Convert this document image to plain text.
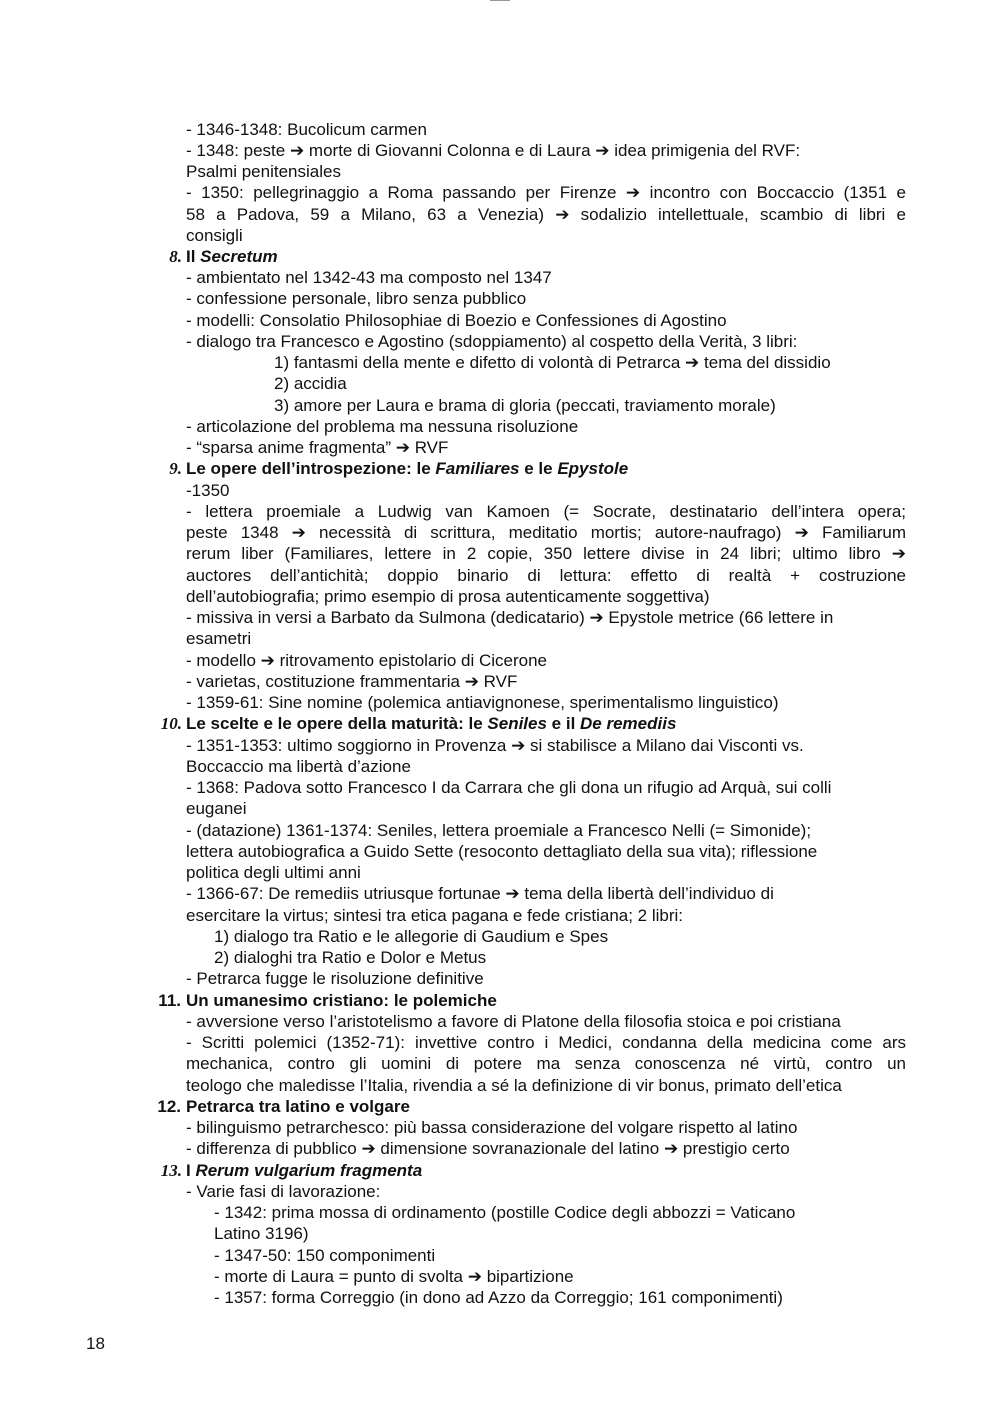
- 1346-1348: Bucolicum carmen
- 1348: peste ➔ morte di Giovanni Colonna e di Laura ➔ idea primigenia del RVF:
Psalmi penitensiales
- 1350: pellegrinaggio a Roma passando per Firenze ➔ incontro con Boccaccio (1351 e
58 a Padova, 59 a Milano, 63 a Venezia) ➔ sodalizio intellettuale, scambio di libri e
consigli
8. Il Secretum
- ambientato nel 1342-43 ma composto nel 1347
- confessione personale, libro senza pubblico
- modelli: Consolatio Philosophiae di Boezio e Confessiones di Agostino
- dialogo tra Francesco e Agostino (sdoppiamento) al cospetto della Verità, 3 libri:
1) fantasmi della mente e difetto di volontà di Petrarca ➔ tema del dissidio
2) accidia
3) amore per Laura e brama di gloria (peccati, traviamento morale)
- articolazione del problema ma nessuna risoluzione
- “sparsa anime fragmenta” ➔ RVF
9. Le opere dell’introspezione: le Familiares e le Epystole
-1350
- lettera proemiale a Ludwig van Kamoen (= Socrate, destinatario dell’intera opera;
peste 1348 ➔ necessità di scrittura, meditatio mortis; autore-naufrago) ➔ Familiarum
rerum liber (Familiares, lettere in 2 copie, 350 lettere divise in 24 libri; ultimo libro ➔
auctores dell’antichità; doppio binario di lettura: effetto di realtà + costruzione
dell’autobiografia; primo esempio di prosa autenticamente soggettiva)
- missiva in versi a Barbato da Sulmona (dedicatario) ➔ Epystole metrice (66 lettere in
esametri
- modello ➔ ritrovamento epistolario di Cicerone
- varietas, costituzione frammentaria ➔ RVF
- 1359-61: Sine nomine (polemica antiavignonese, sperimentalismo linguistico)
10. Le scelte e le opere della maturità: le Seniles e il De remediis
- 1351-1353: ultimo soggiorno in Provenza ➔ si stabilisce a Milano dai Visconti vs.
Boccaccio ma libertà d’azione
- 1368: Padova sotto Francesco I da Carrara che gli dona un rifugio ad Arquà, sui colli
euganei
- (datazione) 1361-1374: Seniles, lettera proemiale a Francesco Nelli (= Simonide);
lettera autobiografica a Guido Sette (resoconto dettagliato della sua vita); riflessione
politica degli ultimi anni
- 1366-67: De remediis utriusque fortunae ➔ tema della libertà dell’individuo di
esercitare la virtus; sintesi tra etica pagana e fede cristiana; 2 libri:
1) dialogo tra Ratio e le allegorie di Gaudium e Spes
2) dialoghi tra Ratio e Dolor e Metus
- Petrarca fugge le risoluzione definitive
11. Un umanesimo cristiano: le polemiche
- avversione verso l’aristotelismo a favore di Platone della filosofia stoica e poi cristiana
- Scritti polemici (1352-71): invettive contro i Medici, condanna della medicina come ars
mechanica, contro gli uomini di potere ma senza conoscenza né virtù, contro un
teologo che maledisse l’Italia, rivendia a sé la definizione di vir bonus, primato dell’etica
12. Petrarca tra latino e volgare
- bilinguismo petrarchesco: più bassa considerazione del volgare rispetto al latino
- differenza di pubblico ➔ dimensione sovranazionale del latino ➔ prestigio certo
13. I Rerum vulgarium fragmenta
- Varie fasi di lavorazione:
- 1342: prima mossa di ordinamento (postille Codice degli abbozzi = Vaticano
Latino 3196)
- 1347-50: 150 componimenti
- morte di Laura = punto di svolta ➔ bipartizione
- 1357: forma Correggio (in dono ad Azzo da Correggio; 161 componimenti)
18
